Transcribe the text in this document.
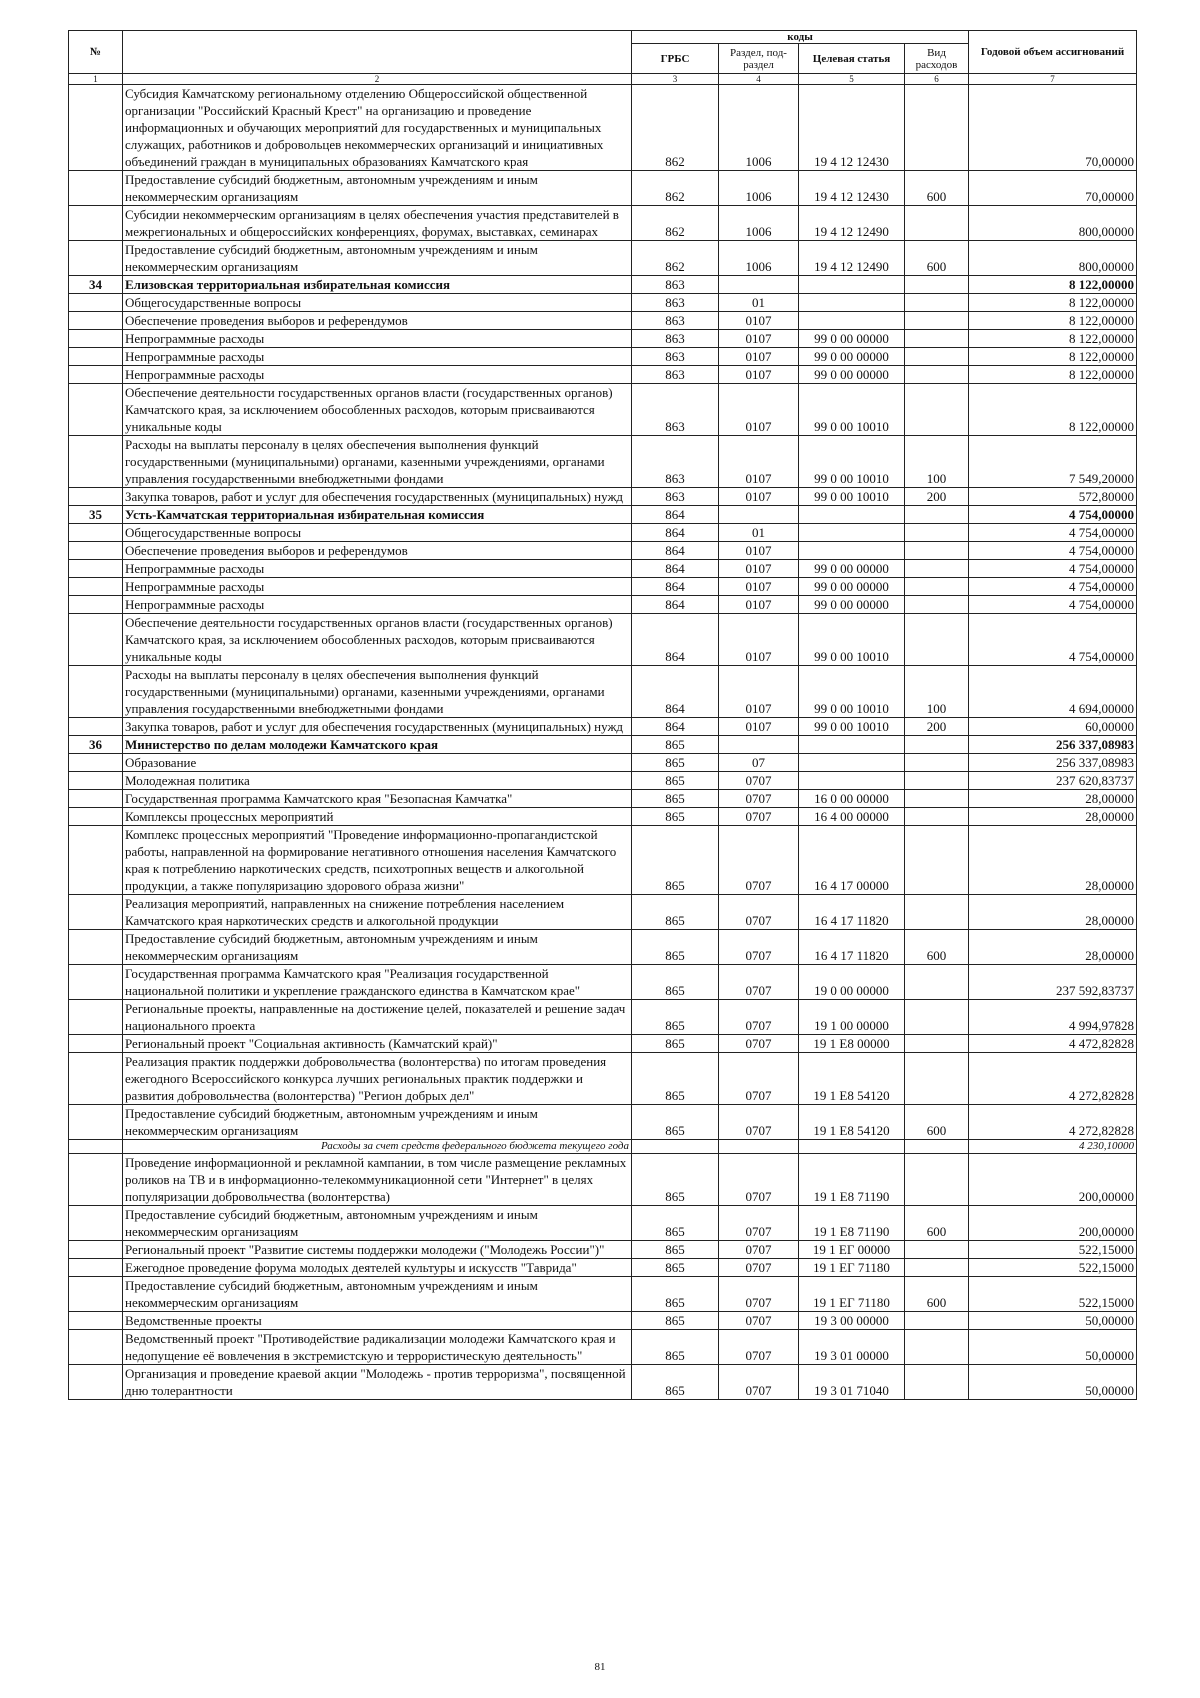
№		коды				Годовой объем ассигнований
		ГРБС	Раздел, под-раздел	Целевая статья	Вид расходов	
1	2	3	4	5	6	7
	Субсидия Камчатскому региональному отделению Общероссийской общественной организации "Российский Красный Крест" на организацию и проведение информационных и обучающих мероприятий для государственных и муниципальных служащих, работников и добровольцев некоммерческих организаций и инициативных объединений граждан в муниципальных образованиях Камчатского края	862	1006	19 4 12 12430		70,00000
	Предоставление субсидий бюджетным, автономным учреждениям и иным некоммерческим организациям	862	1006	19 4 12 12430	600	70,00000
	Субсидии некоммерческим организациям в целях обеспечения участия представителей в межрегиональных и общероссийских конференциях, форумах, выставках, семинарах	862	1006	19 4 12 12490		800,00000
	Предоставление субсидий бюджетным, автономным учреждениям и иным некоммерческим организациям	862	1006	19 4 12 12490	600	800,00000
34	Елизовская территориальная избирательная комиссия	863				8 122,00000
	Общегосударственные вопросы	863	01			8 122,00000
	Обеспечение проведения выборов и референдумов	863	0107			8 122,00000
	Непрограммные расходы	863	0107	99 0 00 00000		8 122,00000
	Непрограммные расходы	863	0107	99 0 00 00000		8 122,00000
	Непрограммные расходы	863	0107	99 0 00 00000		8 122,00000
	Обеспечение деятельности государственных органов власти (государственных органов) Камчатского края, за исключением обособленных расходов, которым присваиваются уникальные коды	863	0107	99 0 00 10010		8 122,00000
	Расходы на выплаты персоналу в целях обеспечения выполнения функций государственными (муниципальными) органами, казенными учреждениями, органами управления государственными внебюджетными фондами	863	0107	99 0 00 10010	100	7 549,20000
	Закупка товаров, работ и услуг для обеспечения государственных (муниципальных) нужд	863	0107	99 0 00 10010	200	572,80000
35	Усть-Камчатская территориальная избирательная комиссия	864				4 754,00000
	Общегосударственные вопросы	864	01			4 754,00000
	Обеспечение проведения выборов и референдумов	864	0107			4 754,00000
	Непрограммные расходы	864	0107	99 0 00 00000		4 754,00000
	Непрограммные расходы	864	0107	99 0 00 00000		4 754,00000
	Непрограммные расходы	864	0107	99 0 00 00000		4 754,00000
	Обеспечение деятельности государственных органов власти (государственных органов) Камчатского края, за исключением обособленных расходов, которым присваиваются уникальные коды	864	0107	99 0 00 10010		4 754,00000
	Расходы на выплаты персоналу в целях обеспечения выполнения функций государственными (муниципальными) органами, казенными учреждениями, органами управления государственными внебюджетными фондами	864	0107	99 0 00 10010	100	4 694,00000
	Закупка товаров, работ и услуг для обеспечения государственных (муниципальных) нужд	864	0107	99 0 00 10010	200	60,00000
36	Министерство по делам молодежи Камчатского края	865				256 337,08983
	Образование	865	07			256 337,08983
	Молодежная политика	865	0707			237 620,83737
	Государственная программа Камчатского края "Безопасная Камчатка"	865	0707	16 0 00 00000		28,00000
	Комплексы процессных мероприятий	865	0707	16 4 00 00000		28,00000
	Комплекс процессных мероприятий "Проведение информационно-пропагандистской работы, направленной на формирование негативного отношения населения Камчатского края к потреблению наркотических средств, психотропных веществ и алкогольной продукции, а также популяризацию здорового образа жизни"	865	0707	16 4 17 00000		28,00000
	Реализация мероприятий, направленных на снижение потребления населением Камчатского края наркотических средств и алкогольной продукции	865	0707	16 4 17 11820		28,00000
	Предоставление субсидий бюджетным, автономным учреждениям и иным некоммерческим организациям	865	0707	16 4 17 11820	600	28,00000
	Государственная программа Камчатского края "Реализация государственной национальной политики и укрепление гражданского единства в Камчатском крае"	865	0707	19 0 00 00000		237 592,83737
	Региональные проекты, направленные на достижение целей, показателей и решение задач национального проекта	865	0707	19 1 00 00000		4 994,97828
	Региональный проект "Социальная активность (Камчатский край)"	865	0707	19 1 Е8 00000		4 472,82828
	Реализация практик поддержки добровольчества (волонтерства) по итогам проведения ежегодного Всероссийского конкурса лучших региональных практик поддержки и развития добровольчества (волонтерства) "Регион добрых дел"	865	0707	19 1 Е8 54120		4 272,82828
	Предоставление субсидий бюджетным, автономным учреждениям и иным некоммерческим организациям	865	0707	19 1 Е8 54120	600	4 272,82828
	Расходы за счет средств федерального бюджета текущего года					4 230,10000
	Проведение информационной и рекламной кампании, в том числе размещение рекламных роликов на ТВ и в информационно-телекоммуникационной сети "Интернет" в целях популяризации добровольчества (волонтерства)	865	0707	19 1 Е8 71190		200,00000
	Предоставление субсидий бюджетным, автономным учреждениям и иным некоммерческим организациям	865	0707	19 1 Е8 71190	600	200,00000
	Региональный проект "Развитие системы поддержки молодежи ("Молодежь России")"	865	0707	19 1 ЕГ 00000		522,15000
	Ежегодное проведение форума молодых деятелей культуры и искусств "Таврида"	865	0707	19 1 ЕГ 71180		522,15000
	Предоставление субсидий бюджетным, автономным учреждениям и иным некоммерческим организациям	865	0707	19 1 ЕГ 71180	600	522,15000
	Ведомственные проекты	865	0707	19 3 00 00000		50,00000
	Ведомственный проект "Противодействие радикализации молодежи Камчатского края и недопущение её вовлечения в экстремистскую и террористическую деятельность"	865	0707	19 3 01 00000		50,00000
	Организация и проведение краевой акции "Молодежь - против терроризма", посвященной дню толерантности	865	0707	19 3 01 71040		50,00000
81
